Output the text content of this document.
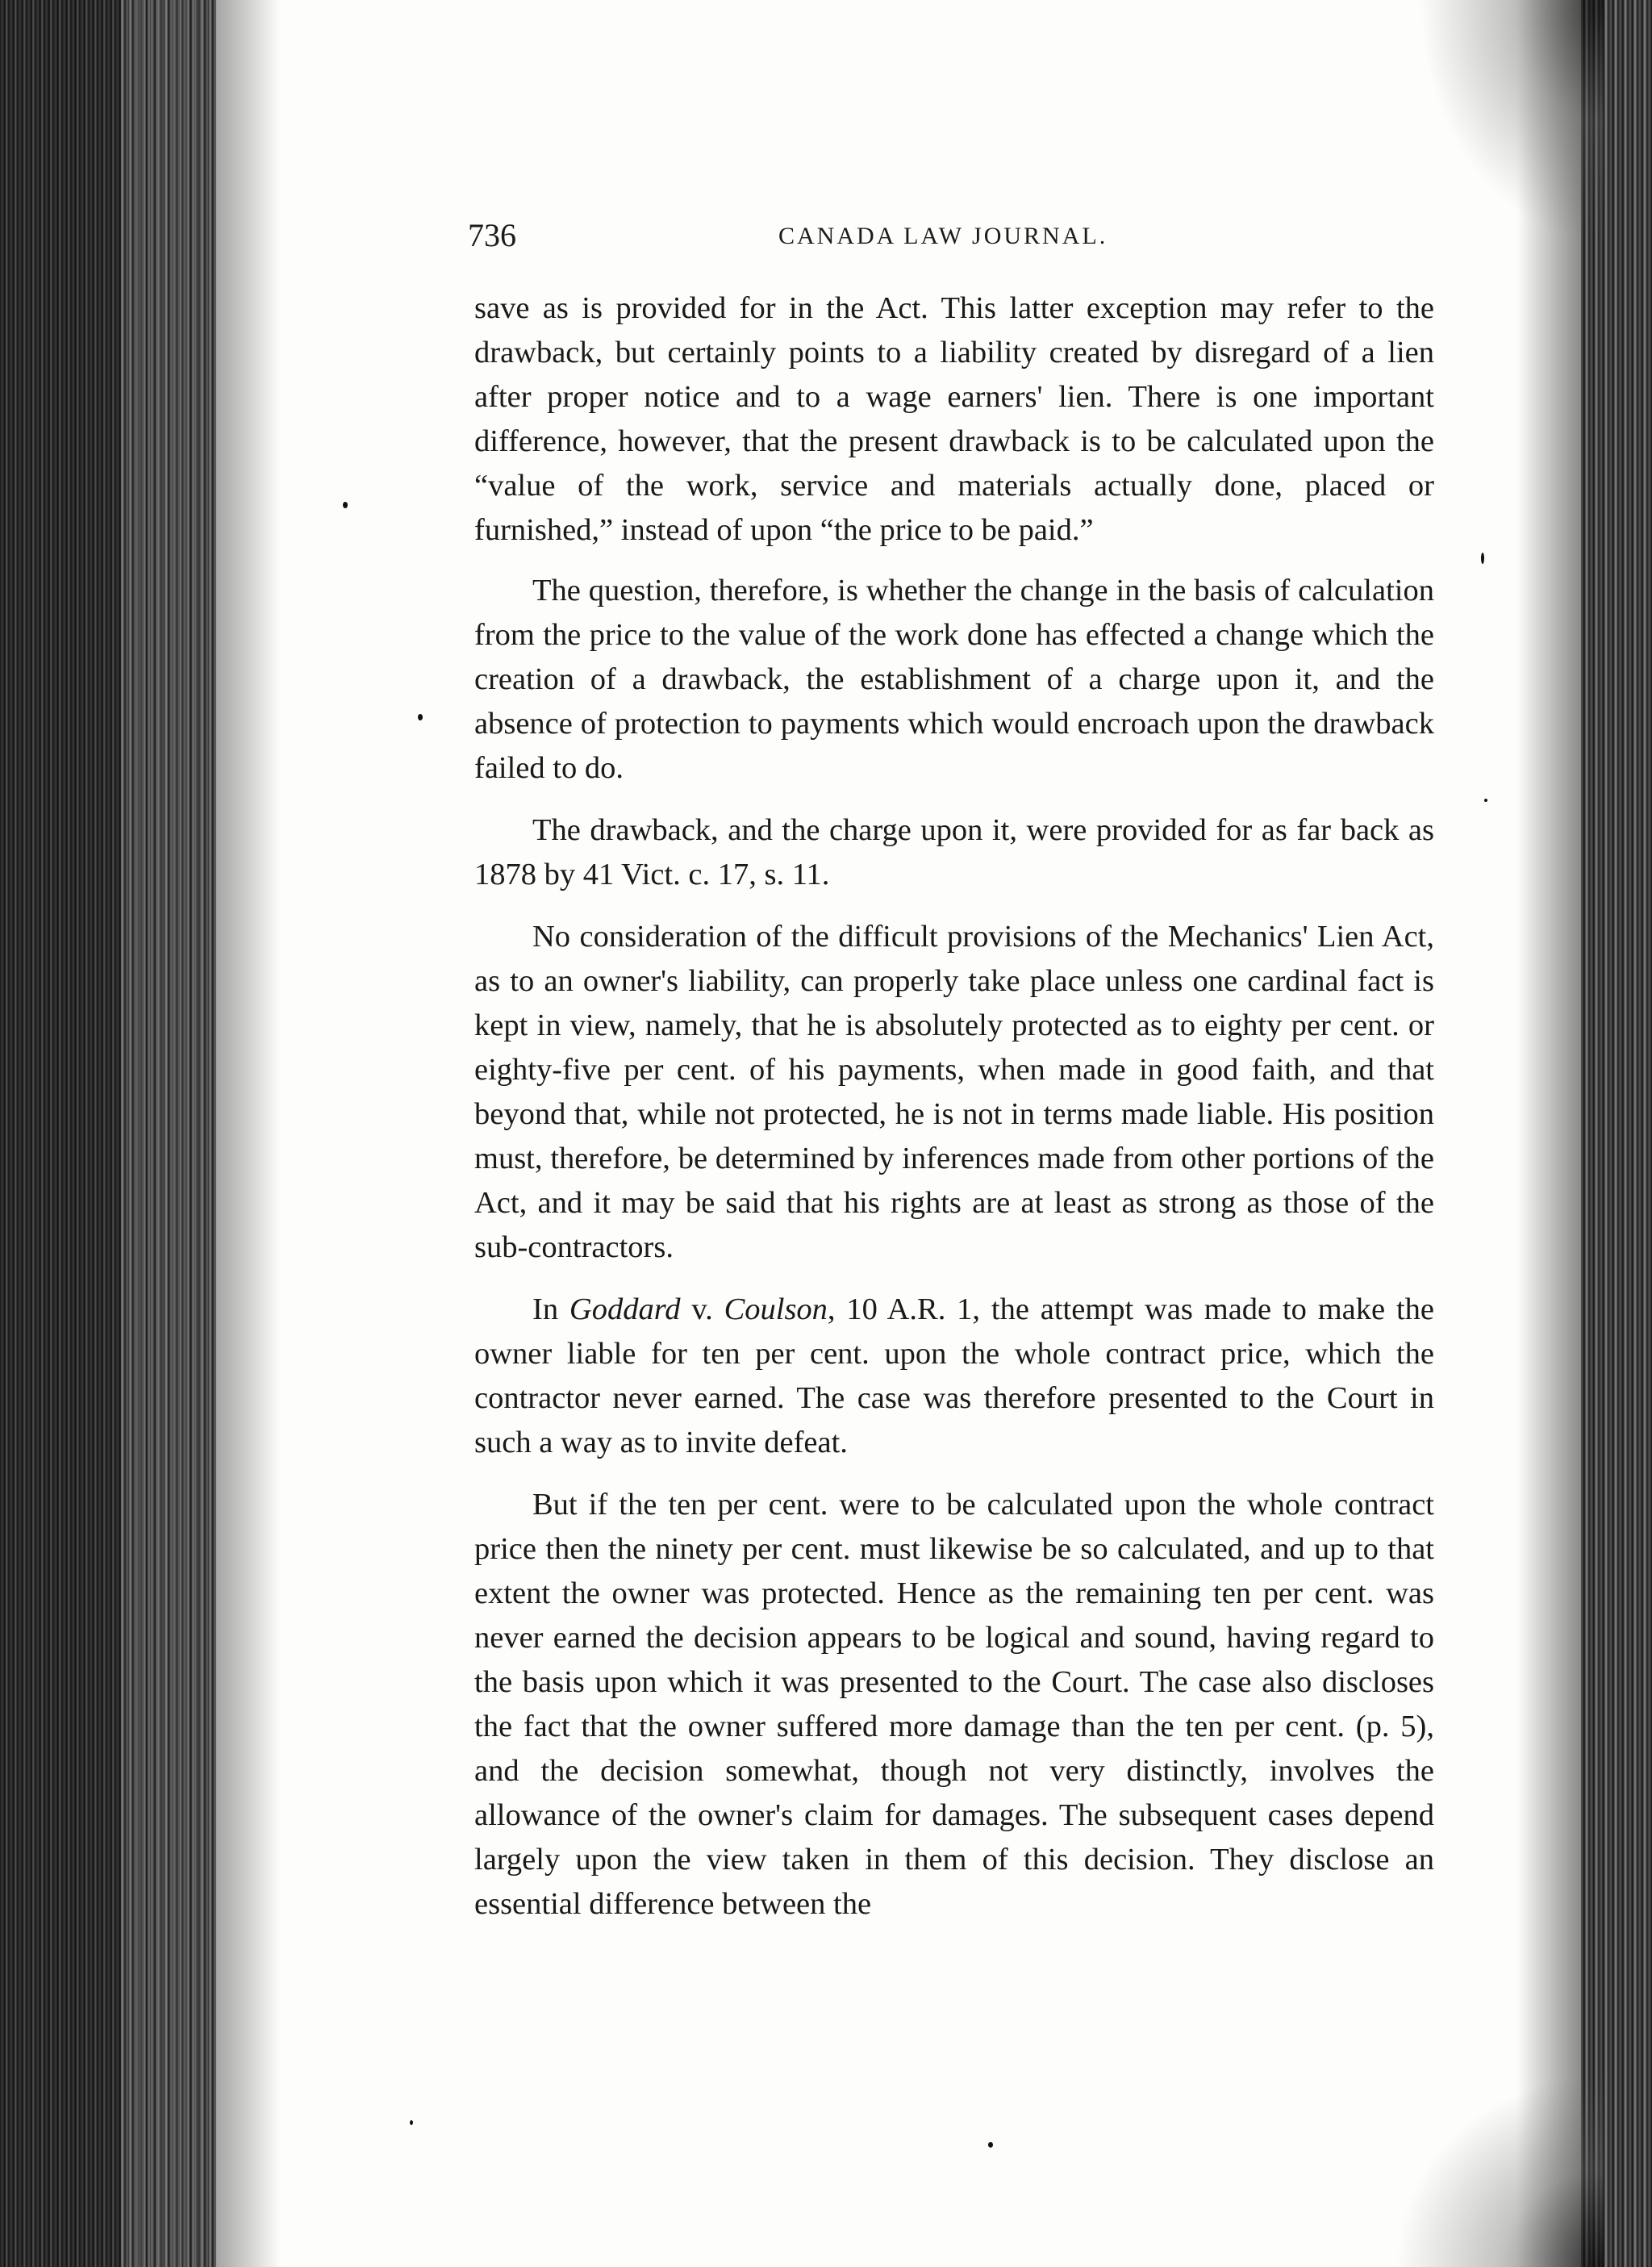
736	CANADA LAW JOURNAL.

save as is provided for in the Act. This latter exception may refer to the drawback, but certainly points to a liability created by disregard of a lien after proper notice and to a wage earners' lien. There is one important difference, however, that the present drawback is to be calculated upon the “value of the work, service and materials actually done, placed or furnished,” instead of upon “the price to be paid.”

The question, therefore, is whether the change in the basis of calculation from the price to the value of the work done has effected a change which the creation of a drawback, the establishment of a charge upon it, and the absence of protection to payments which would encroach upon the drawback failed to do.

The drawback, and the charge upon it, were provided for as far back as 1878 by 41 Vict. c. 17, s. 11.

No consideration of the difficult provisions of the Mechanics' Lien Act, as to an owner's liability, can properly take place unless one cardinal fact is kept in view, namely, that he is absolutely protected as to eighty per cent. or eighty-five per cent. of his payments, when made in good faith, and that beyond that, while not protected, he is not in terms made liable. His position must, therefore, be determined by inferences made from other portions of the Act, and it may be said that his rights are at least as strong as those of the sub-contractors.

In Goddard v. Coulson, 10 A.R. 1, the attempt was made to make the owner liable for ten per cent. upon the whole contract price, which the contractor never earned. The case was therefore presented to the Court in such a way as to invite defeat.

But if the ten per cent. were to be calculated upon the whole contract price then the ninety per cent. must likewise be so calculated, and up to that extent the owner was protected. Hence as the remaining ten per cent. was never earned the decision appears to be logical and sound, having regard to the basis upon which it was presented to the Court. The case also discloses the fact that the owner suffered more damage than the ten per cent. (p. 5), and the decision somewhat, though not very distinctly, involves the allowance of the owner's claim for damages. The subsequent cases depend largely upon the view taken in them of this decision. They disclose an essential difference between the
